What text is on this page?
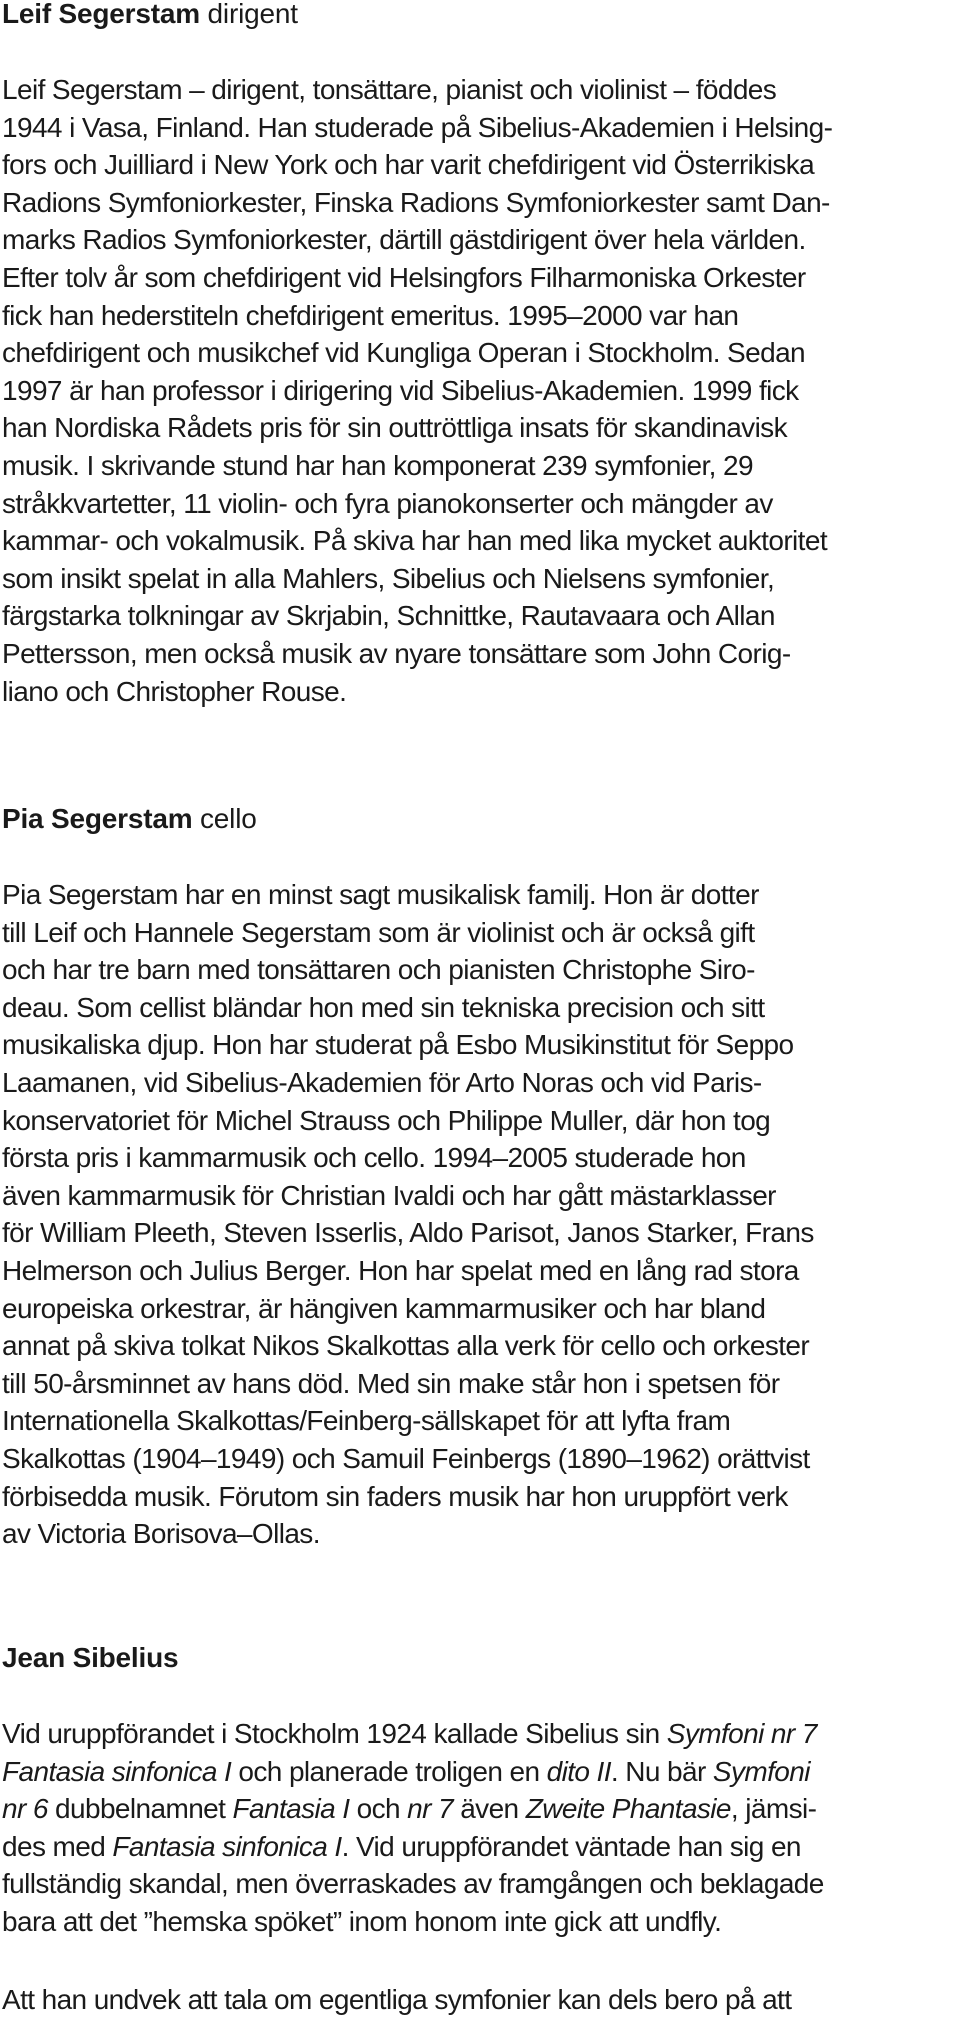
Leif Segerstam dirigent
Leif Segerstam – dirigent, tonsättare, pianist och violinist – föddes
1944 i Vasa, Finland. Han studerade på Sibelius-Akademien i Helsing-
fors och Juilliard i New York och har varit chefdirigent vid Österrikiska
Radions Symfoniorkester, Finska Radions Symfoniorkester samt Dan-
marks Radios Symfoniorkester, därtill gästdirigent över hela världen.
Efter tolv år som chefdirigent vid Helsingfors Filharmoniska Orkester
fick han hederstiteln chefdirigent emeritus. 1995–2000 var han
chefdirigent och musikchef vid Kungliga Operan i Stockholm. Sedan
1997 är han professor i dirigering vid Sibelius-Akademien. 1999 fick
han Nordiska Rådets pris för sin outtröttliga insats för skandinavisk
musik. I skrivande stund har han komponerat 239 symfonier, 29
stråkkvartetter, 11 violin- och fyra pianokonserter och mängder av
kammar- och vokalmusik. På skiva har han med lika mycket auktoritet
som insikt spelat in alla Mahlers, Sibelius och Nielsens symfonier,
färgstarka tolkningar av Skrjabin, Schnittke, Rautavaara och Allan
Pettersson, men också musik av nyare tonsättare som John Corig-
liano och Christopher Rouse.
Pia Segerstam cello
Pia Segerstam har en minst sagt musikalisk familj. Hon är dotter
till Leif och Hannele Segerstam som är violinist och är också gift
och har tre barn med tonsättaren och pianisten Christophe Siro-
deau. Som cellist bländar hon med sin tekniska precision och sitt
musikaliska djup. Hon har studerat på Esbo Musikinstitut för Seppo
Laamanen, vid Sibelius-Akademien för Arto Noras och vid Paris-
konservatoriet för Michel Strauss och Philippe Muller, där hon tog
första pris i kammarmusik och cello. 1994–2005 studerade hon
även kammarmusik för Christian Ivaldi och har gått mästarklasser
för William Pleeth, Steven Isserlis, Aldo Parisot, Janos Starker, Frans
Helmerson och Julius Berger. Hon har spelat med en lång rad stora
europeiska orkestrar, är hängiven kammarmusiker och har bland
annat på skiva tolkat Nikos Skalkottas alla verk för cello och orkester
till 50-årsminnet av hans död. Med sin make står hon i spetsen för
Internationella Skalkottas/Feinberg-sällskapet för att lyfta fram
Skalkottas (1904–1949) och Samuil Feinbergs (1890–1962) orättvist
förbisedda musik. Förutom sin faders musik har hon uruppfört verk
av Victoria Borisova–Ollas.
Jean Sibelius
Vid uruppförandet i Stockholm 1924 kallade Sibelius sin Symfoni nr 7
Fantasia sinfonica I och planerade troligen en dito II. Nu bär Symfoni
nr 6 dubbelnamnet Fantasia I och nr 7 även Zweite Phantasie, jämsi-
des med Fantasia sinfonica I. Vid uruppförandet väntade han sig en
fullständig skandal, men överraskades av framgången och beklagade
bara att det ”hemska spöket” inom honom inte gick att undfly.
Att han undvek att tala om egentliga symfonier kan dels bero på att
